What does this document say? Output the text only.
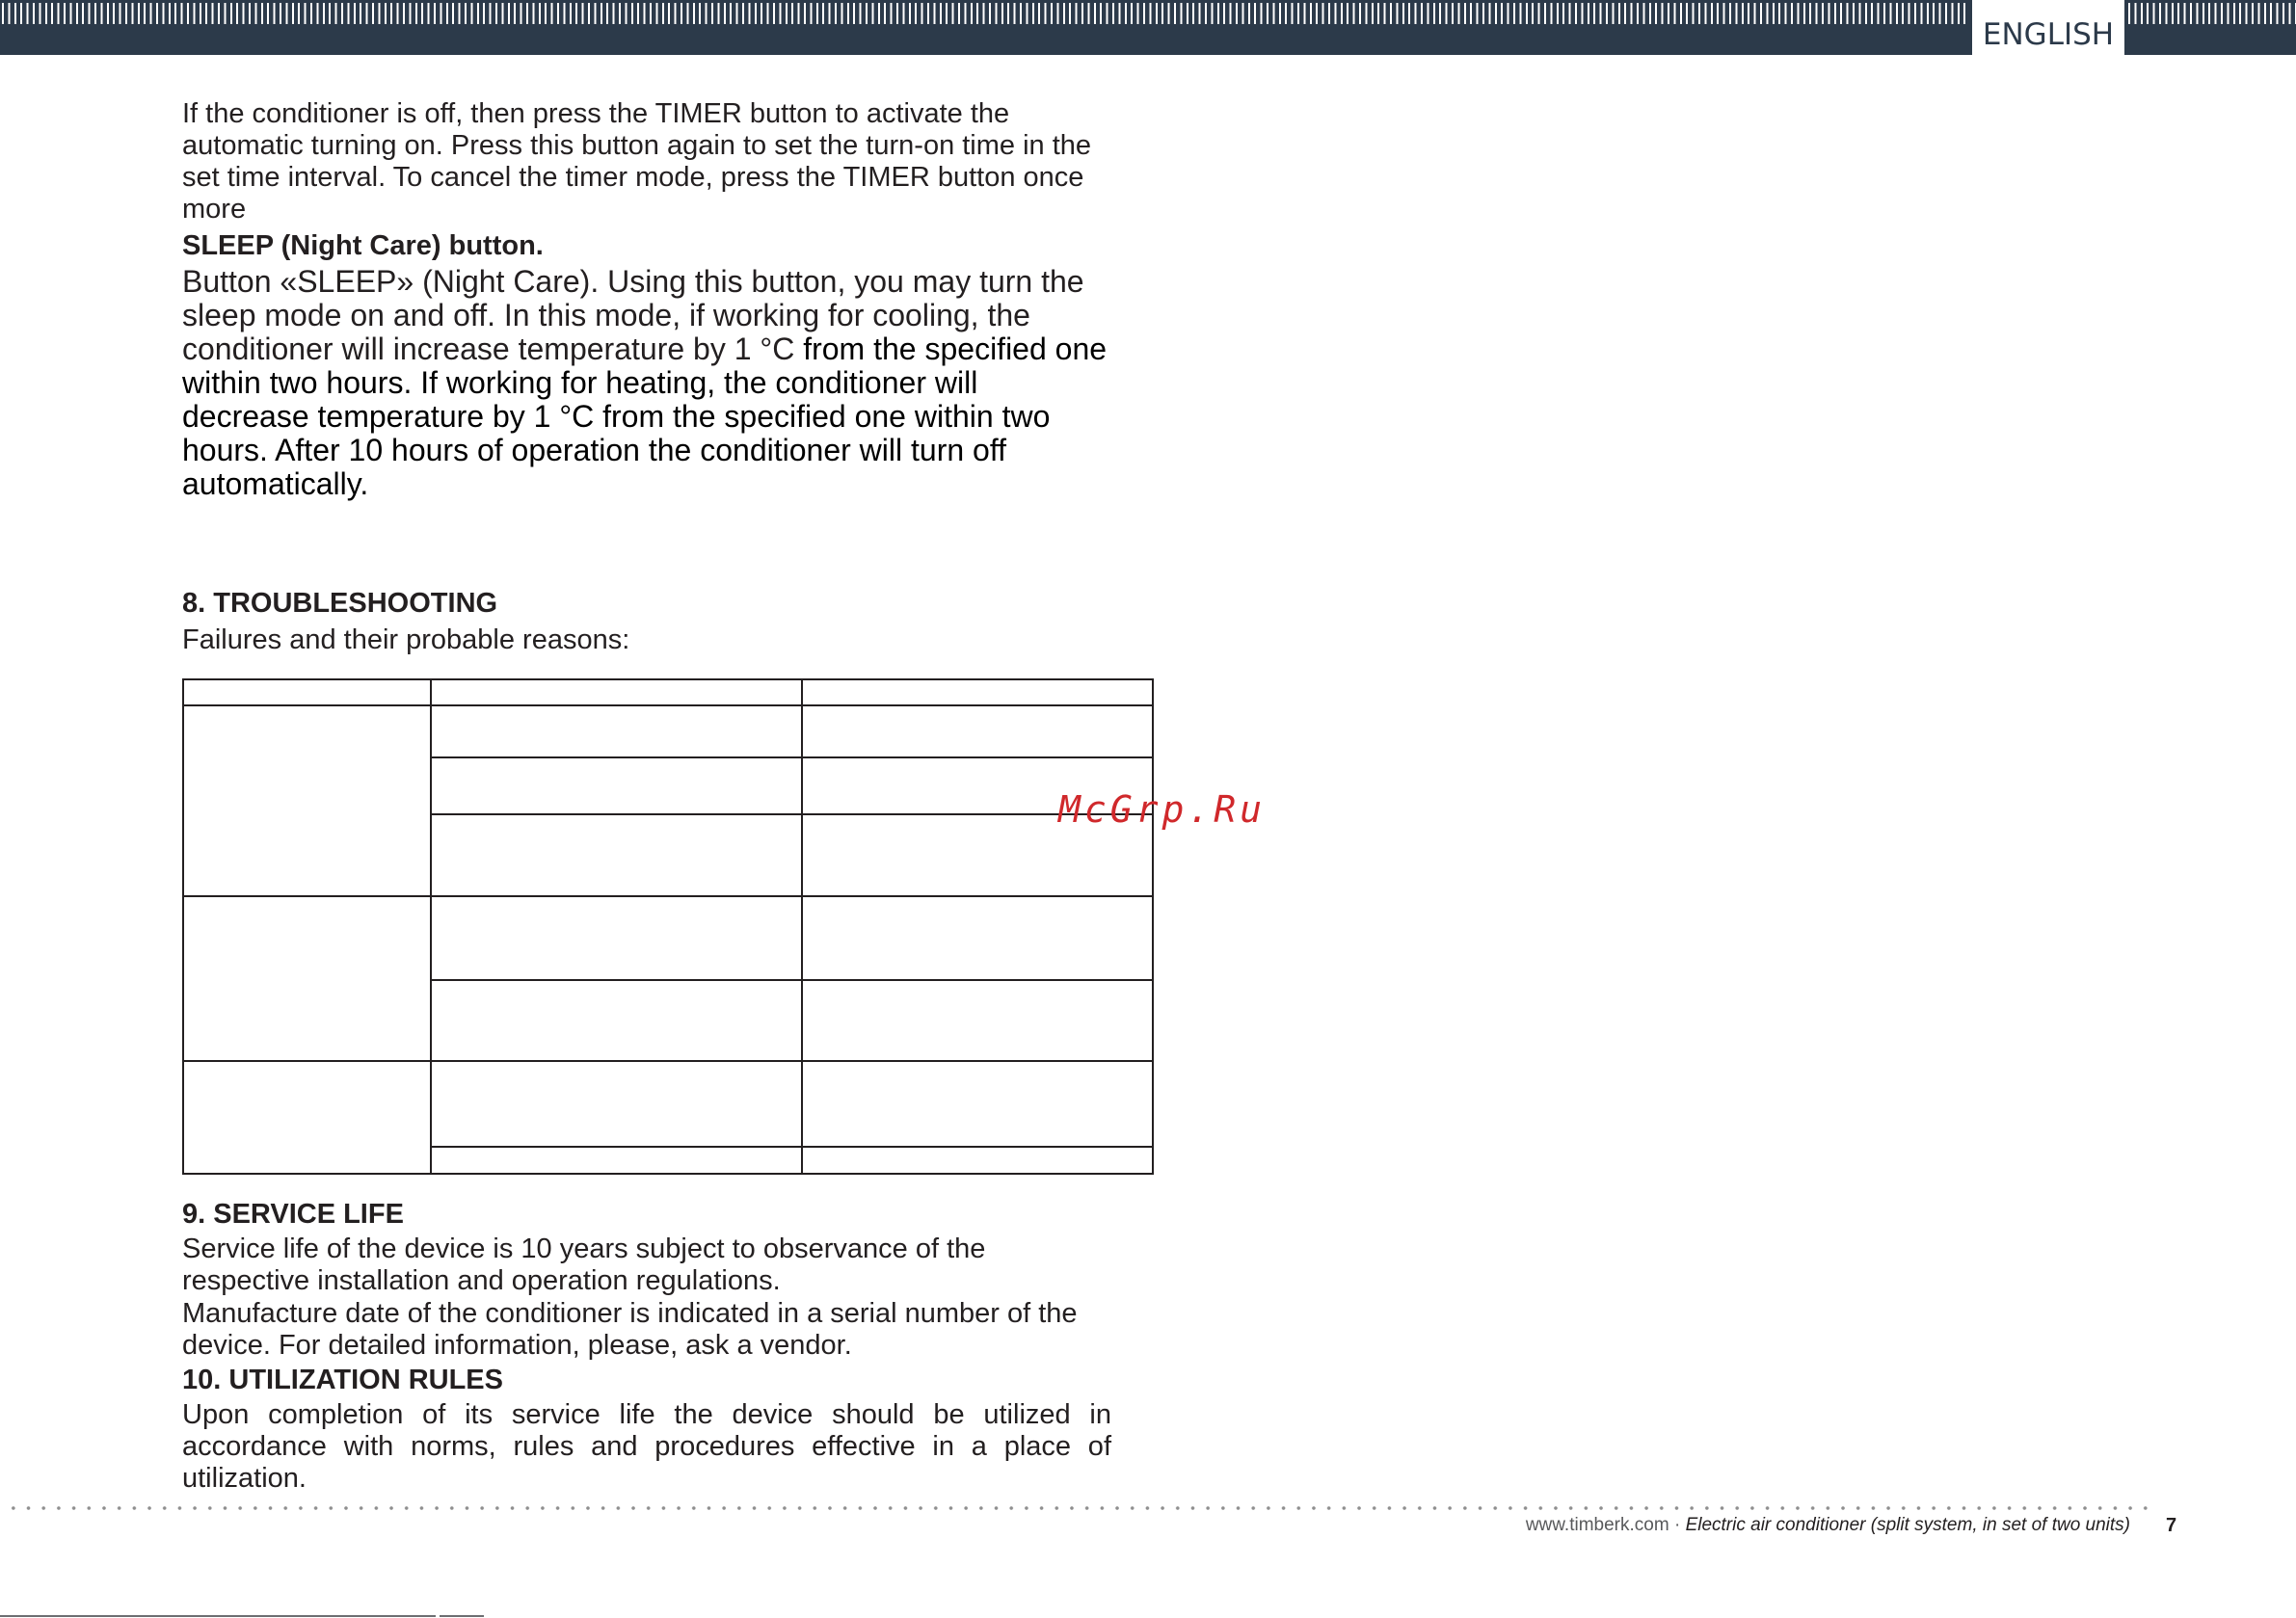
ENGLISH

If the conditioner is off, then press the TIMER button to activate the automatic turning on. Press this button again to set the turn-on time in the set time interval. To cancel the timer mode, press the TIMER button once more

SLEEP (Night Care) button.

Button «SLEEP» (Night Care). Using this button, you may turn the sleep mode on and off. In this mode, if working for cooling, the conditioner will increase temperature by 1 °C from the specified one within two hours. If working for heating, the conditioner will decrease temperature by 1 °C from the specified one within two hours. After 10 hours of operation the conditioner will turn off automatically.

8. TROUBLESHOOTING

Failures and their probable reasons:

McGrp.Ru

9. SERVICE LIFE

Service life of the device is 10 years subject to observance of the respective installation and operation regulations.

Manufacture date of the conditioner is indicated in a serial number of the device. For detailed information, please, ask a vendor.

10. UTILIZATION RULES

Upon completion of its service life the device should be utilized in accordance with norms, rules and procedures effective in a place of utilization.

www.timberk.com · Electric air conditioner (split system, in set of two units) 7
